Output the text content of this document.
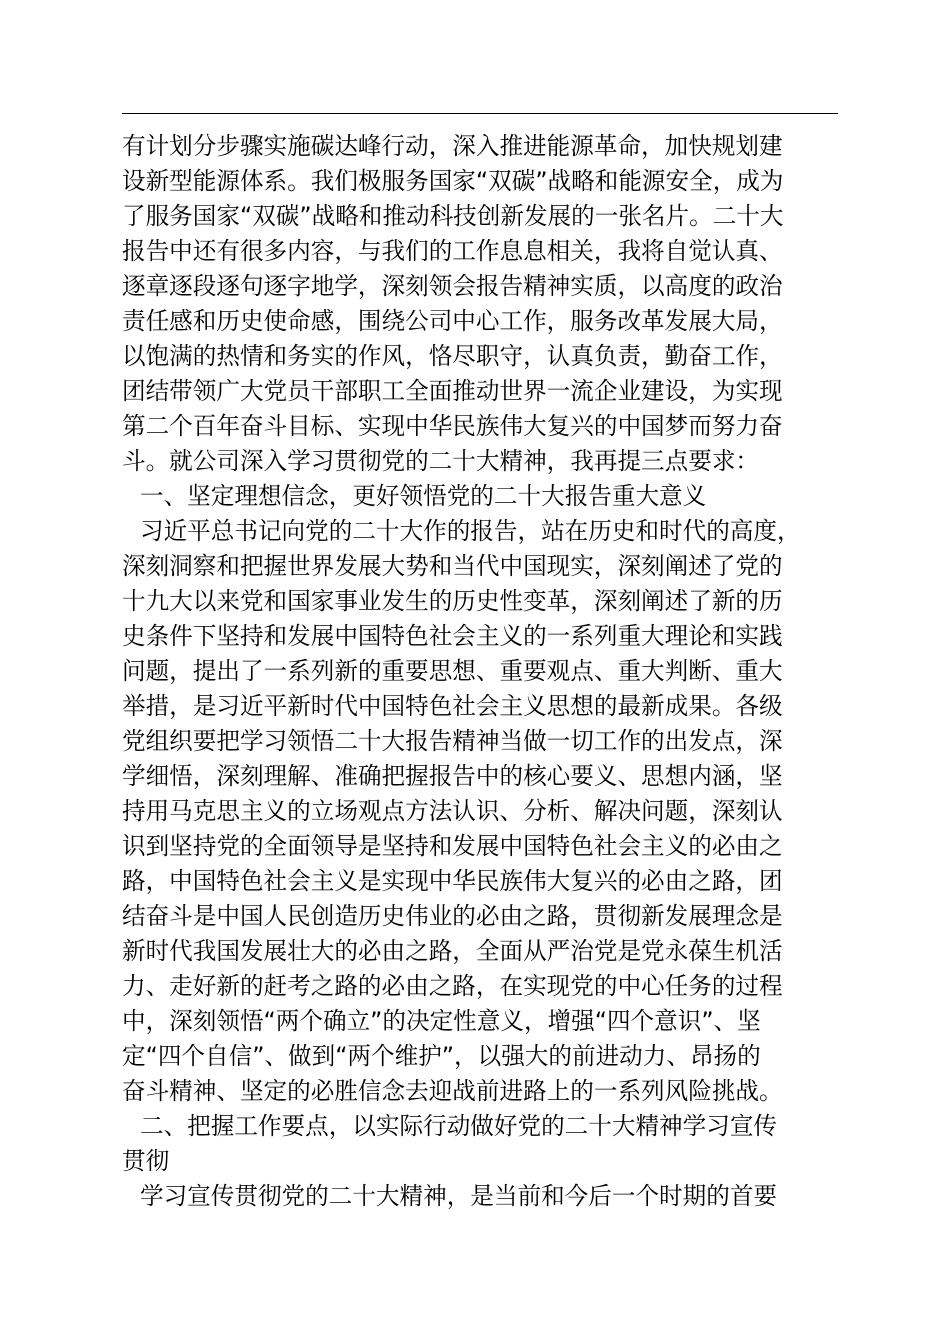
有计划分步骤实施碳达峰行动，深入推进能源革命，加快规划建
设新型能源体系。我们极服务国家“双碳”战略和能源安全，成为
了服务国家“双碳”战略和推动科技创新发展的一张名片。二十大
报告中还有很多内容，与我们的工作息息相关，我将自觉认真、
逐章逐段逐句逐字地学，深刻领会报告精神实质，以高度的政治
责任感和历史使命感，围绕公司中心工作，服务改革发展大局，
以饱满的热情和务实的作风，恪尽职守，认真负责，勤奋工作，
团结带领广大党员干部职工全面推动世界一流企业建设，为实现
第二个百年奋斗目标、实现中华民族伟大复兴的中国梦而努力奋
斗。就公司深入学习贯彻党的二十大精神，我再提三点要求：
一、坚定理想信念，更好领悟党的二十大报告重大意义
习近平总书记向党的二十大作的报告，站在历史和时代的高度，
深刻洞察和把握世界发展大势和当代中国现实，深刻阐述了党的
十九大以来党和国家事业发生的历史性变革，深刻阐述了新的历
史条件下坚持和发展中国特色社会主义的一系列重大理论和实践
问题，提出了一系列新的重要思想、重要观点、重大判断、重大
举措，是习近平新时代中国特色社会主义思想的最新成果。各级
党组织要把学习领悟二十大报告精神当做一切工作的出发点，深
学细悟，深刻理解、准确把握报告中的核心要义、思想内涵，坚
持用马克思主义的立场观点方法认识、分析、解决问题，深刻认
识到坚持党的全面领导是坚持和发展中国特色社会主义的必由之
路，中国特色社会主义是实现中华民族伟大复兴的必由之路，团
结奋斗是中国人民创造历史伟业的必由之路，贯彻新发展理念是
新时代我国发展壮大的必由之路，全面从严治党是党永葆生机活
力、走好新的赶考之路的必由之路，在实现党的中心任务的过程
中，深刻领悟“两个确立”的决定性意义，增强“四个意识”、坚
定“四个自信”、做到“两个维护”，以强大的前进动力、昂扬的
奋斗精神、坚定的必胜信念去迎战前进路上的一系列风险挑战。
二、把握工作要点，以实际行动做好党的二十大精神学习宣传
贯彻
学习宣传贯彻党的二十大精神，是当前和今后一个时期的首要
